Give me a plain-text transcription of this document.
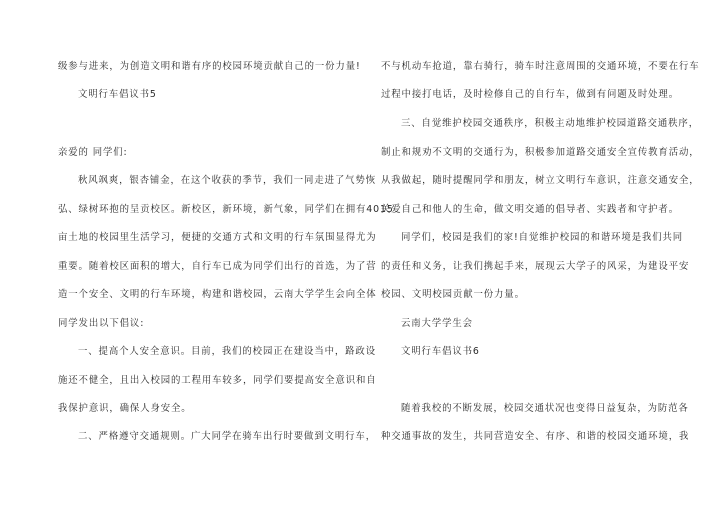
级参与进来，为创造文明和谐有序的校园环境贡献自己的一份力量!
文明行车倡议书5
亲爱的 同学们:
秋风飒爽，银杏铺金，在这个收获的季节，我们一同走进了气势恢
弘、绿树环抱的呈贡校区。新校区，新环境，新气象，同学们在拥有4015
亩土地的校园里生活学习，便捷的交通方式和文明的行车氛围显得尤为
重要。随着校区面积的增大，自行车已成为同学们出行的首选，为了营
造一个安全、文明的行车环境，构建和谐校园，云南大学学生会向全体
同学发出以下倡议:
一、提高个人安全意识。目前，我们的校园正在建设当中，路政设
施还不健全，且出入校园的工程用车较多，同学们要提高安全意识和自
我保护意识，确保人身安全。
二、严格遵守交通规则。广大同学在骑车出行时要做到文明行车，
不与机动车抢道，靠右骑行，骑车时注意周围的交通环境，不要在行车
过程中接打电话，及时检修自己的自行车，做到有问题及时处理。
三、自觉维护校园交通秩序，积极主动地维护校园道路交通秩序，
制止和规劝不文明的交通行为，积极参加道路交通安全宣传教育活动，
从我做起，随时提醒同学和朋友，树立文明行车意识，注意交通安全，
关爱自己和他人的生命，做文明交通的倡导者、实践者和守护者。
同学们，校园是我们的家!自觉维护校园的和谐环境是我们共同
的责任和义务，让我们携起手来，展现云大学子的风采，为建设平安
校园、文明校园贡献一份力量。
云南大学学生会
文明行车倡议书6
随着我校的不断发展，校园交通状况也变得日益复杂，为防范各
种交通事故的发生，共同营造安全、有序、和谐的校园交通环境，我
